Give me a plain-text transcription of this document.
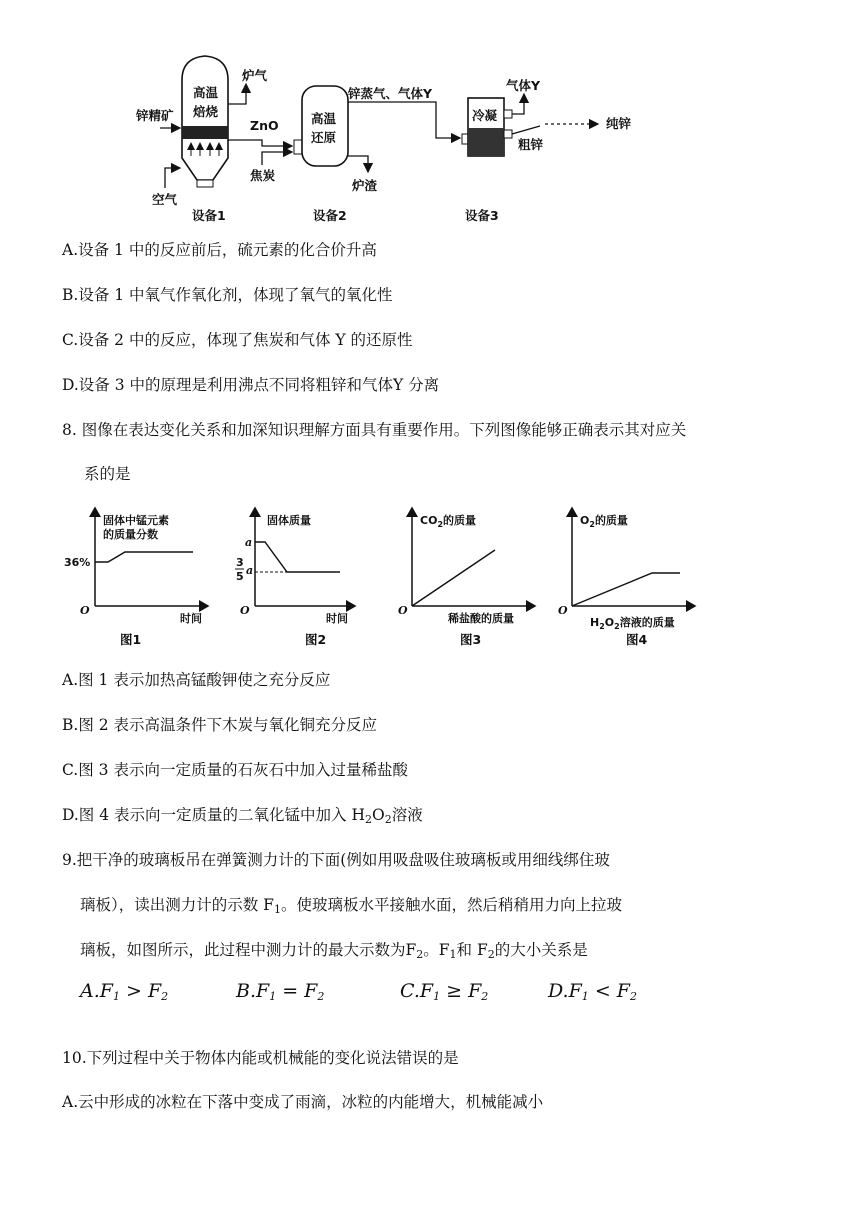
高温
焙烧
锌精矿
炉气
空气
ZnO
焦炭
设备1
高温
还原
锌蒸气、气体Y
炉渣
设备2
冷凝
气体Y
纯锌
粗锌
设备3
A.设备 1 中的反应前后，硫元素的化合价升高
B.设备 1 中氧气作氧化剂，体现了氧气的氧化性
C.设备 2 中的反应，体现了焦炭和气体 Y 的还原性
D.设备 3 中的原理是利用沸点不同将粗锌和气体Y 分离
8. 图像在表达变化关系和加深知识理解方面具有重要作用。下列图像能够正确表示其对应关
系的是
固体中锰元素
的质量分数
36%
O
时间
图1
固体质量
a
3
5 a
O
时间
图2
$CO_2$的质量
O
稀盐酸的质量
图3
$O_2$的质量
O
$H_2O_2$溶液的质量
图4
A.图 1 表示加热高锰酸钾使之充分反应
B.图 2 表示高温条件下木炭与氧化铜充分反应
C.图 3 表示向一定质量的石灰石中加入过量稀盐酸
D.图 4 表示向一定质量的二氧化锰中加入 $H_2O_2$溶液
9.把干净的玻璃板吊在弹簧测力计的下面(例如用吸盘吸住玻璃板或用细线绑住玻
璃板），读出测力计的示数 $F_1$。使玻璃板水平接触水面，然后稍稍用力向上拉玻
璃板，如图所示，此过程中测力计的最大示数为$F_2$。$F_1$和 $F_2$的大小关系是
$A.F_1 > F_2$	$B.F_1 = F_2$	$C.F_1 \ge F_2$	$D.F_1 < F_2$
10.下列过程中关于物体内能或机械能的变化说法错误的是
A.云中形成的冰粒在下落中变成了雨滴，冰粒的内能增大，机械能减小
